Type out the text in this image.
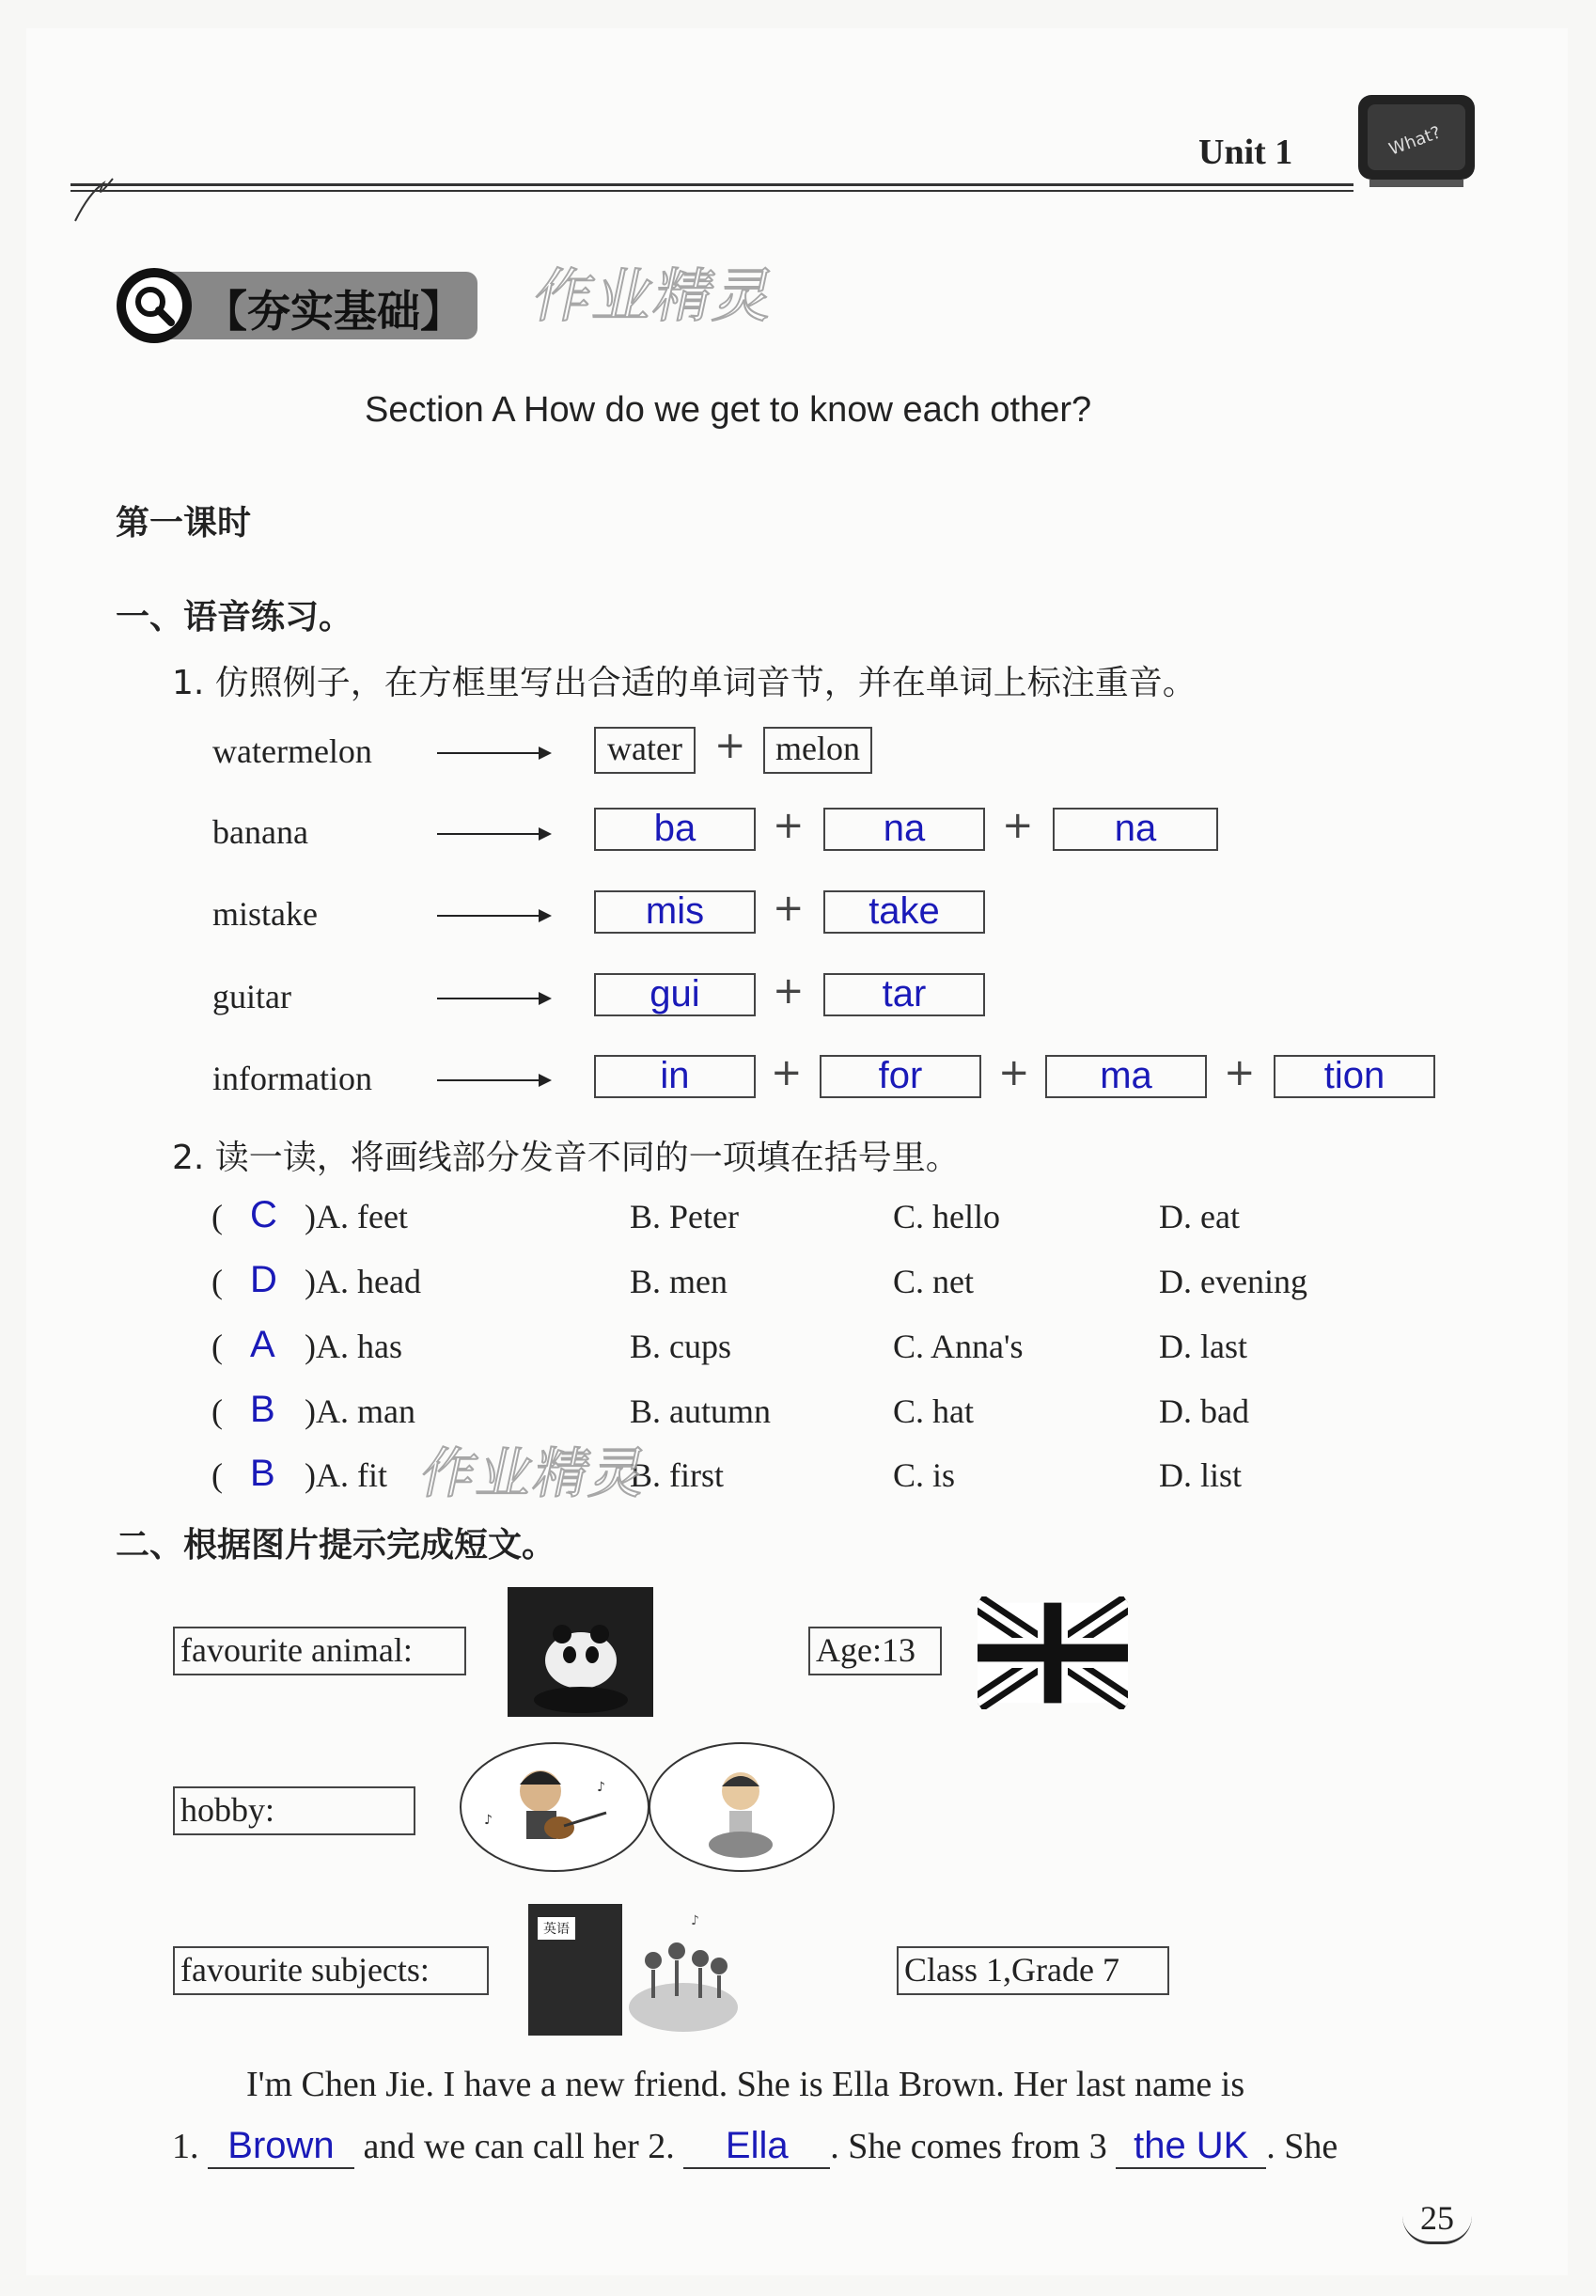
Unit 1	What?
【夯实基础】 作业精灵
Section A How do we get to know each other?
第一课时
一、语音练习。
1. 仿照例子，在方框里写出合适的单词音节，并在单词上标注重音。
watermelon	water + melon
banana	ba	+	na	+	na
mistake	mis	+	take
guitar	gui	+	tar
information	in	+	for	+	ma	+	tion
2. 读一读，将画线部分发音不同的一项填在括号里。
( C )A. feet	B. Peter	C. hello	D. eat
( D )A. head	B. men	C. net	D. evening
( A )A. has	B. cups	C. Anna's	D. last
( B )A. man	B. autumn	C. hat	D. bad
( B )A. fit	B. first	C. is	D. list
作业精灵
二、根据图片提示完成短文。
favourite animal:	Age:13
hobby:
♪
♪
favourite subjects:
英语
♪
Class 1,Grade 7
I'm Chen Jie. I have a new friend. She is Ella Brown. Her last name is
1. Brown and we can call her 2. Ella . She comes from 3 the UK . She
25
